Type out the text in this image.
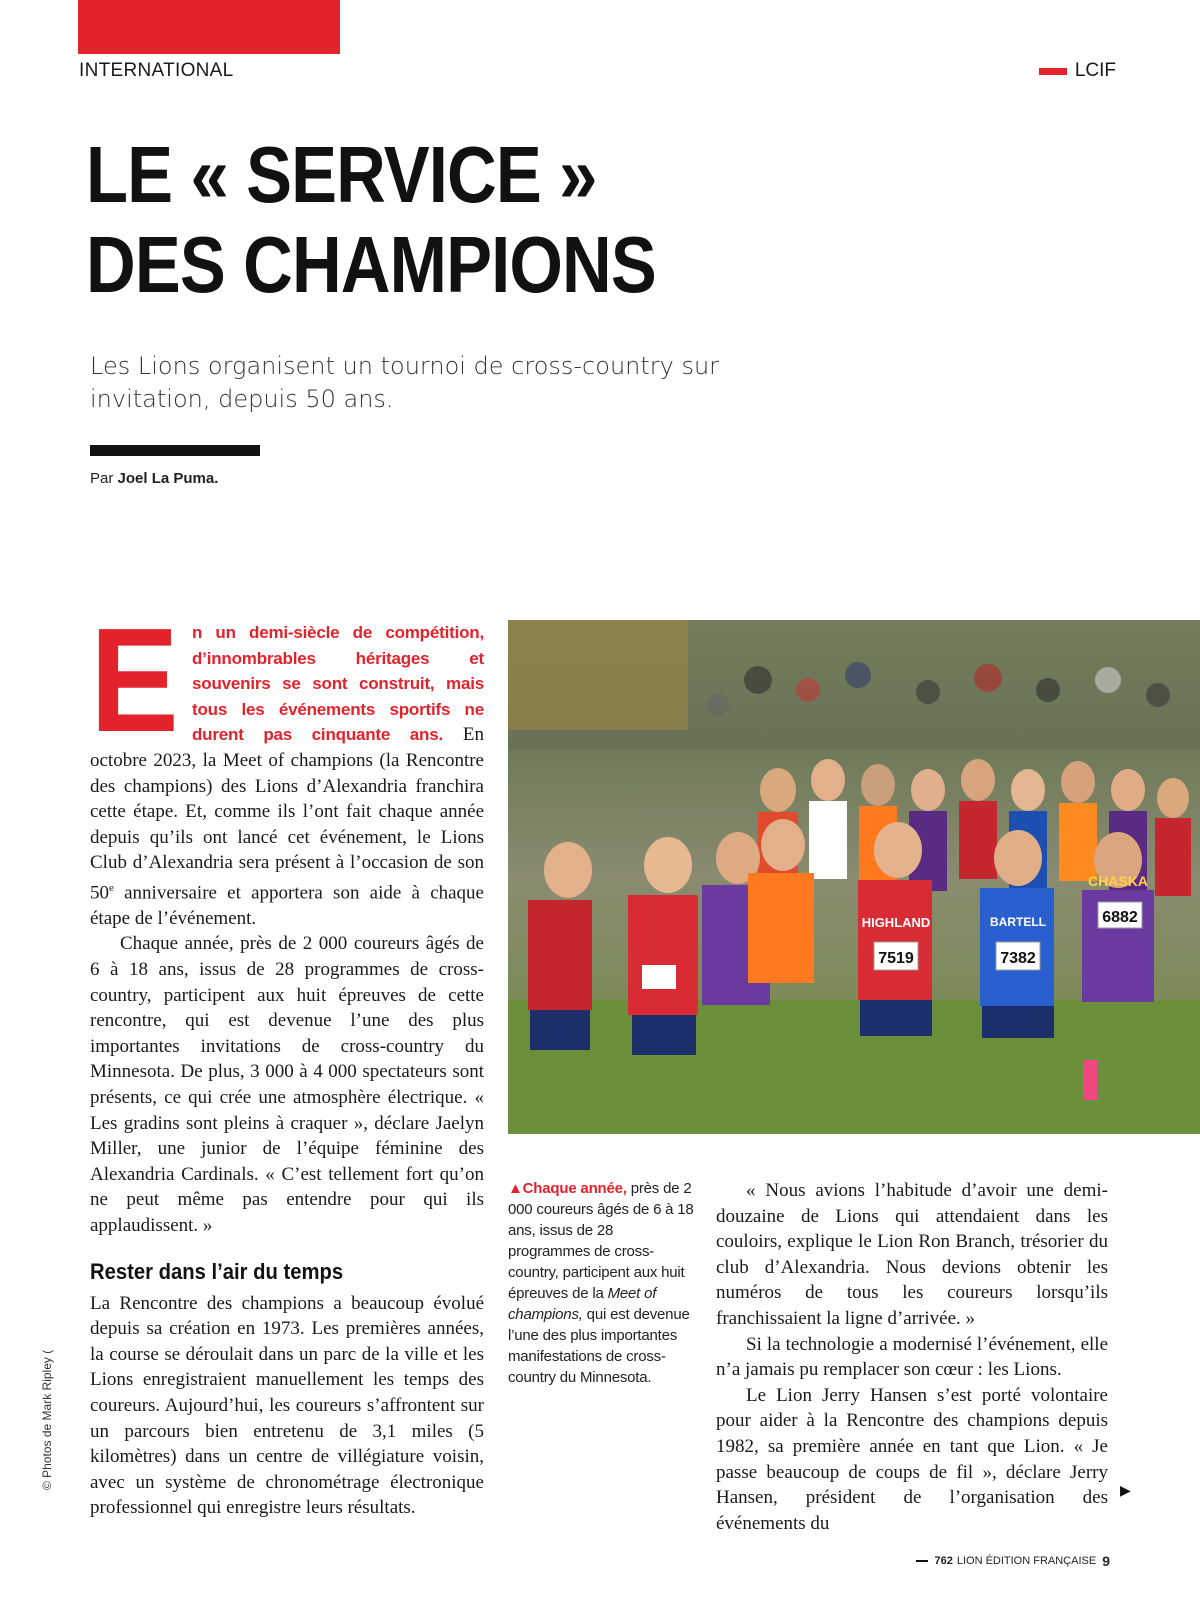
INTERNATIONAL	LCIF
LE « SERVICE »
DES CHAMPIONS
Les Lions organisent un tournoi de cross-country sur invitation, depuis 50 ans.
Par Joel La Puma.

En un demi-siècle de compétition, d’innombrables héritages et souvenirs se sont construit, mais tous les événements sportifs ne durent pas cinquante ans. En octobre 2023, la Meet of champions (la Rencontre des champions) des Lions d’Alexandria franchira cette étape. Et, comme ils l’ont fait chaque année depuis qu’ils ont lancé cet événement, le Lions Club d’Alexandria sera présent à l’occasion de son 50e anniversaire et apportera son aide à chaque étape de l’événement.

Chaque année, près de 2 000 coureurs âgés de 6 à 18 ans, issus de 28 programmes de cross-country, participent aux huit épreuves de cette rencontre, qui est devenue l’une des plus importantes invitations de cross-country du Minnesota. De plus, 3 000 à 4 000 spectateurs sont présents, ce qui crée une atmosphère électrique. « Les gradins sont pleins à craquer », déclare Jaelyn Miller, une junior de l’équipe féminine des Alexandria Cardinals. « C’est tellement fort qu’on ne peut même pas entendre pour qui ils applaudissent. »

Rester dans l’air du temps

La Rencontre des champions a beaucoup évolué depuis sa création en 1973. Les premières années, la course se déroulait dans un parc de la ville et les Lions enregistraient manuellement les temps des coureurs. Aujourd’hui, les coureurs s’affrontent sur un parcours bien entretenu de 3,1 miles (5 kilomètres) dans un centre de villégiature voisin, avec un système de chronométrage électronique professionnel qui enregistre leurs résultats.

7519	7382
6882
HIGHLAND	BARTELL
CHASKA
▲Chaque année, près de 2 000 coureurs âgés de 6 à 18 ans, issus de 28 programmes de cross-country, participent aux huit épreuves de la Meet of champions, qui est devenue l’une des plus importantes manifestations de cross-country du Minnesota.

« Nous avions l’habitude d’avoir une demi-douzaine de Lions qui attendaient dans les couloirs, explique le Lion Ron Branch, trésorier du club d’Alexandria. Nous devions obtenir les numéros de tous les coureurs lorsqu’ils franchissaient la ligne d’arrivée. »

Si la technologie a modernisé l’événement, elle n’a jamais pu remplacer son cœur : les Lions.

Le Lion Jerry Hansen s’est porté volontaire pour aider à la Rencontre des champions depuis 1982, sa première année en tant que Lion. « Je passe beaucoup de coups de fil », déclare Jerry Hansen, président de l’organisation des événements du

▶
© Photos de Mark Ripley (
762 LION ÉDITION FRANÇAISE 9
